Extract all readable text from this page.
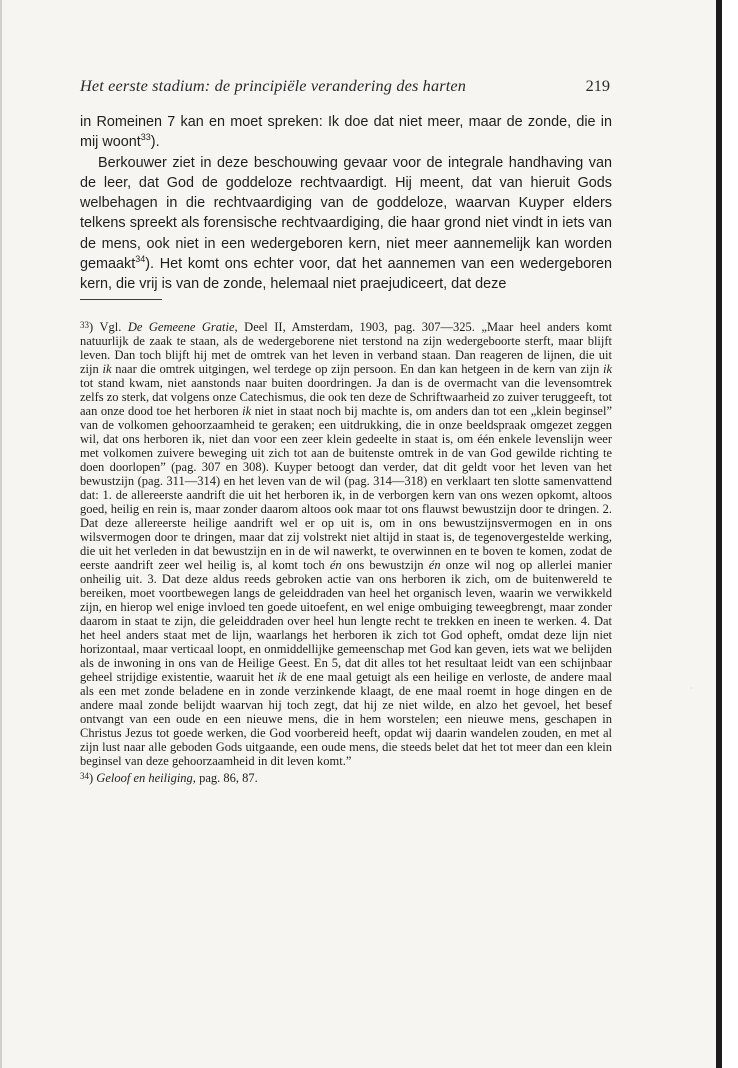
Het eerste stadium: de principiële verandering des harten	219

in Romeinen 7 kan en moet spreken: Ik doe dat niet meer, maar de zonde, die in mij woont$^{33}$).

Berkouwer ziet in deze beschouwing gevaar voor de integrale handhaving van de leer, dat God de goddeloze rechtvaardigt. Hij meent, dat van hieruit Gods welbehagen in die rechtvaardiging van de goddeloze, waarvan Kuyper elders telkens spreekt als forensische rechtvaardiging, die haar grond niet vindt in iets van de mens, ook niet in een wedergeboren kern, niet meer aannemelijk kan worden gemaakt$^{34}$). Het komt ons echter voor, dat het aannemen van een wedergeboren kern, die vrij is van de zonde, helemaal niet praejudiceert, dat deze

$^{33}$) Vgl. De Gemeene Gratie, Deel II, Amsterdam, 1903, pag. 307—325. „Maar heel anders komt natuurlijk de zaak te staan, als de wedergeborene niet terstond na zijn wedergeboorte sterft, maar blijft leven. Dan toch blijft hij met de omtrek van het leven in verband staan. Dan reageren de lijnen, die uit zijn ik naar die omtrek uitgingen, wel terdege op zijn persoon. En dan kan hetgeen in de kern van zijn ik tot stand kwam, niet aanstonds naar buiten doordringen. Ja dan is de overmacht van die levensomtrek zelfs zo sterk, dat volgens onze Catechismus, die ook ten deze de Schriftwaarheid zo zuiver teruggeeft, tot aan onze dood toe het herboren ik niet in staat noch bij machte is, om anders dan tot een „klein beginsel” van de volkomen gehoorzaamheid te geraken; een uitdrukking, die in onze beeldspraak omgezet zeggen wil, dat ons herboren ik, niet dan voor een zeer klein gedeelte in staat is, om één enkele levenslijn weer met volkomen zuivere beweging uit zich tot aan de buitenste omtrek in de van God gewilde richting te doen doorlopen” (pag. 307 en 308). Kuyper betoogt dan verder, dat dit geldt voor het leven van het bewustzijn (pag. 311—314) en het leven van de wil (pag. 314—318) en verklaart ten slotte samenvattend dat: 1. de allereerste aandrift die uit het herboren ik, in de verborgen kern van ons wezen opkomt, altoos goed, heilig en rein is, maar zonder daarom altoos ook maar tot ons flauwst bewustzijn door te dringen. 2. Dat deze allereerste heilige aandrift wel er op uit is, om in ons bewustzijnsvermogen en in ons wilsvermogen door te dringen, maar dat zij volstrekt niet altijd in staat is, de tegenovergestelde werking, die uit het verleden in dat bewustzijn en in de wil nawerkt, te overwinnen en te boven te komen, zodat de eerste aandrift zeer wel heilig is, al komt toch én ons bewustzijn én onze wil nog op allerlei manier onheilig uit. 3. Dat deze aldus reeds gebroken actie van ons herboren ik zich, om de buitenwereld te bereiken, moet voortbewegen langs de geleiddraden van heel het organisch leven, waarin we verwikkeld zijn, en hierop wel enige invloed ten goede uitoefent, en wel enige ombuiging teweegbrengt, maar zonder daarom in staat te zijn, die geleiddraden over heel hun lengte recht te trekken en ineen te werken. 4. Dat het heel anders staat met de lijn, waarlangs het herboren ik zich tot God opheft, omdat deze lijn niet horizontaal, maar verticaal loopt, en onmiddellijke gemeenschap met God kan geven, iets wat we belijden als de inwoning in ons van de Heilige Geest. En 5, dat dit alles tot het resultaat leidt van een schijnbaar geheel strijdige existentie, waaruit het ik de ene maal getuigt als een heilige en verloste, de andere maal als een met zonde beladene en in zonde verzinkende klaagt, de ene maal roemt in hoge dingen en de andere maal zonde belijdt waarvan hij toch zegt, dat hij ze niet wilde, en alzo het gevoel, het besef ontvangt van een oude en een nieuwe mens, die in hem worstelen; een nieuwe mens, geschapen in Christus Jezus tot goede werken, die God voorbereid heeft, opdat wij daarin wandelen zouden, en met al zijn lust naar alle geboden Gods uitgaande, een oude mens, die steeds belet dat het tot meer dan een klein beginsel van deze gehoorzaamheid in dit leven komt.”

$^{34}$) Geloof en heiliging, pag. 86, 87.

·
